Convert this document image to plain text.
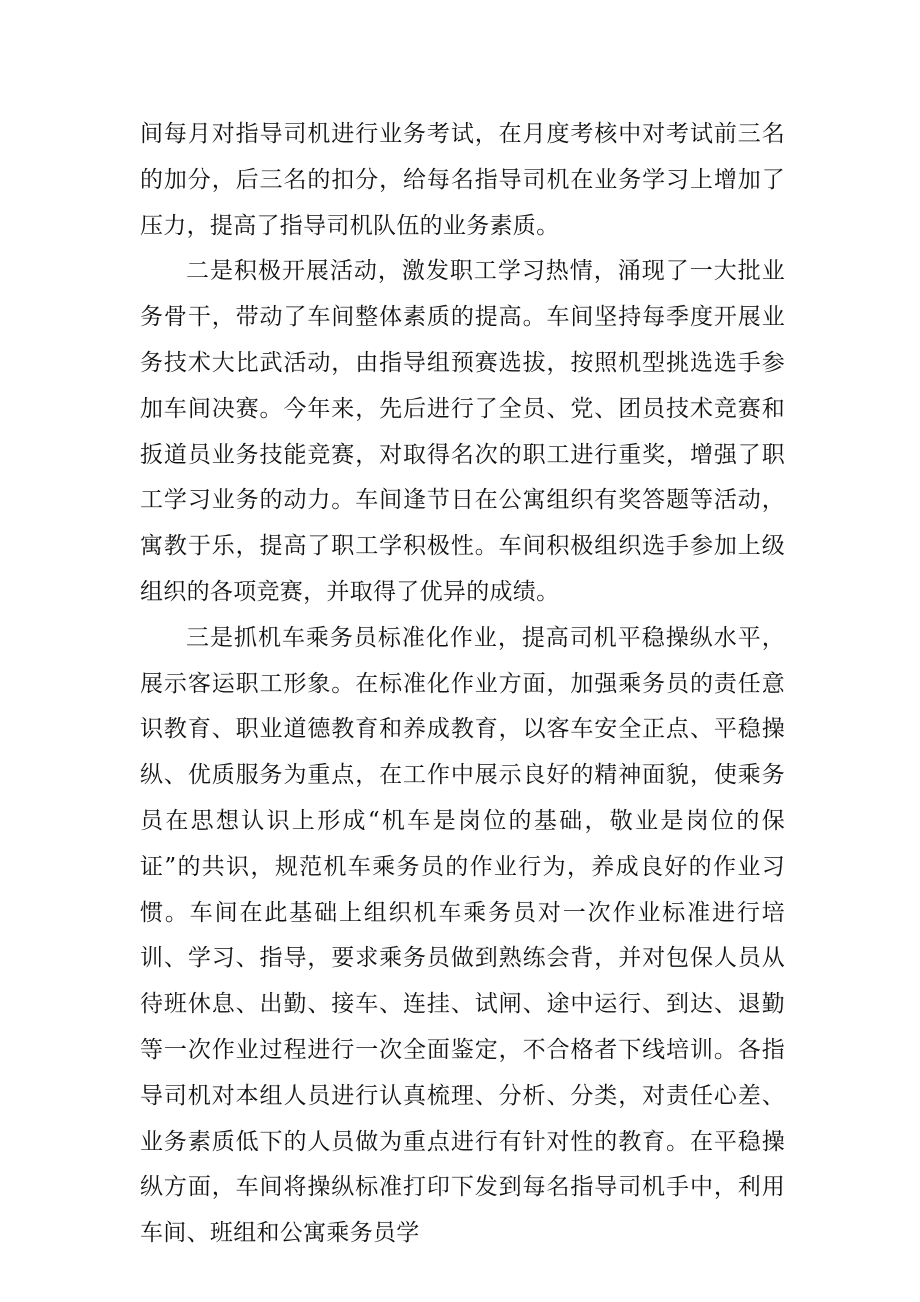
间每月对指导司机进行业务考试，在月度考核中对考试前三名的加分，后三名的扣分，给每名指导司机在业务学习上增加了压力，提高了指导司机队伍的业务素质。

二是积极开展活动，激发职工学习热情，涌现了一大批业务骨干，带动了车间整体素质的提高。车间坚持每季度开展业务技术大比武活动，由指导组预赛选拔，按照机型挑选选手参加车间决赛。今年来，先后进行了全员、党、团员技术竞赛和扳道员业务技能竞赛，对取得名次的职工进行重奖，增强了职工学习业务的动力。车间逢节日在公寓组织有奖答题等活动，寓教于乐，提高了职工学积极性。车间积极组织选手参加上级组织的各项竞赛，并取得了优异的成绩。

三是抓机车乘务员标准化作业，提高司机平稳操纵水平，展示客运职工形象。在标准化作业方面，加强乘务员的责任意识教育、职业道德教育和养成教育，以客车安全正点、平稳操纵、优质服务为重点，在工作中展示良好的精神面貌，使乘务员在思想认识上形成“机车是岗位的基础，敬业是岗位的保证”的共识，规范机车乘务员的作业行为，养成良好的作业习惯。车间在此基础上组织机车乘务员对一次作业标准进行培训、学习、指导，要求乘务员做到熟练会背，并对包保人员从待班休息、出勤、接车、连挂、试闸、途中运行、到达、退勤等一次作业过程进行一次全面鉴定，不合格者下线培训。各指导司机对本组人员进行认真梳理、分析、分类，对责任心差、业务素质低下的人员做为重点进行有针对性的教育。在平稳操纵方面，车间将操纵标准打印下发到每名指导司机手中，利用车间、班组和公寓乘务员学
